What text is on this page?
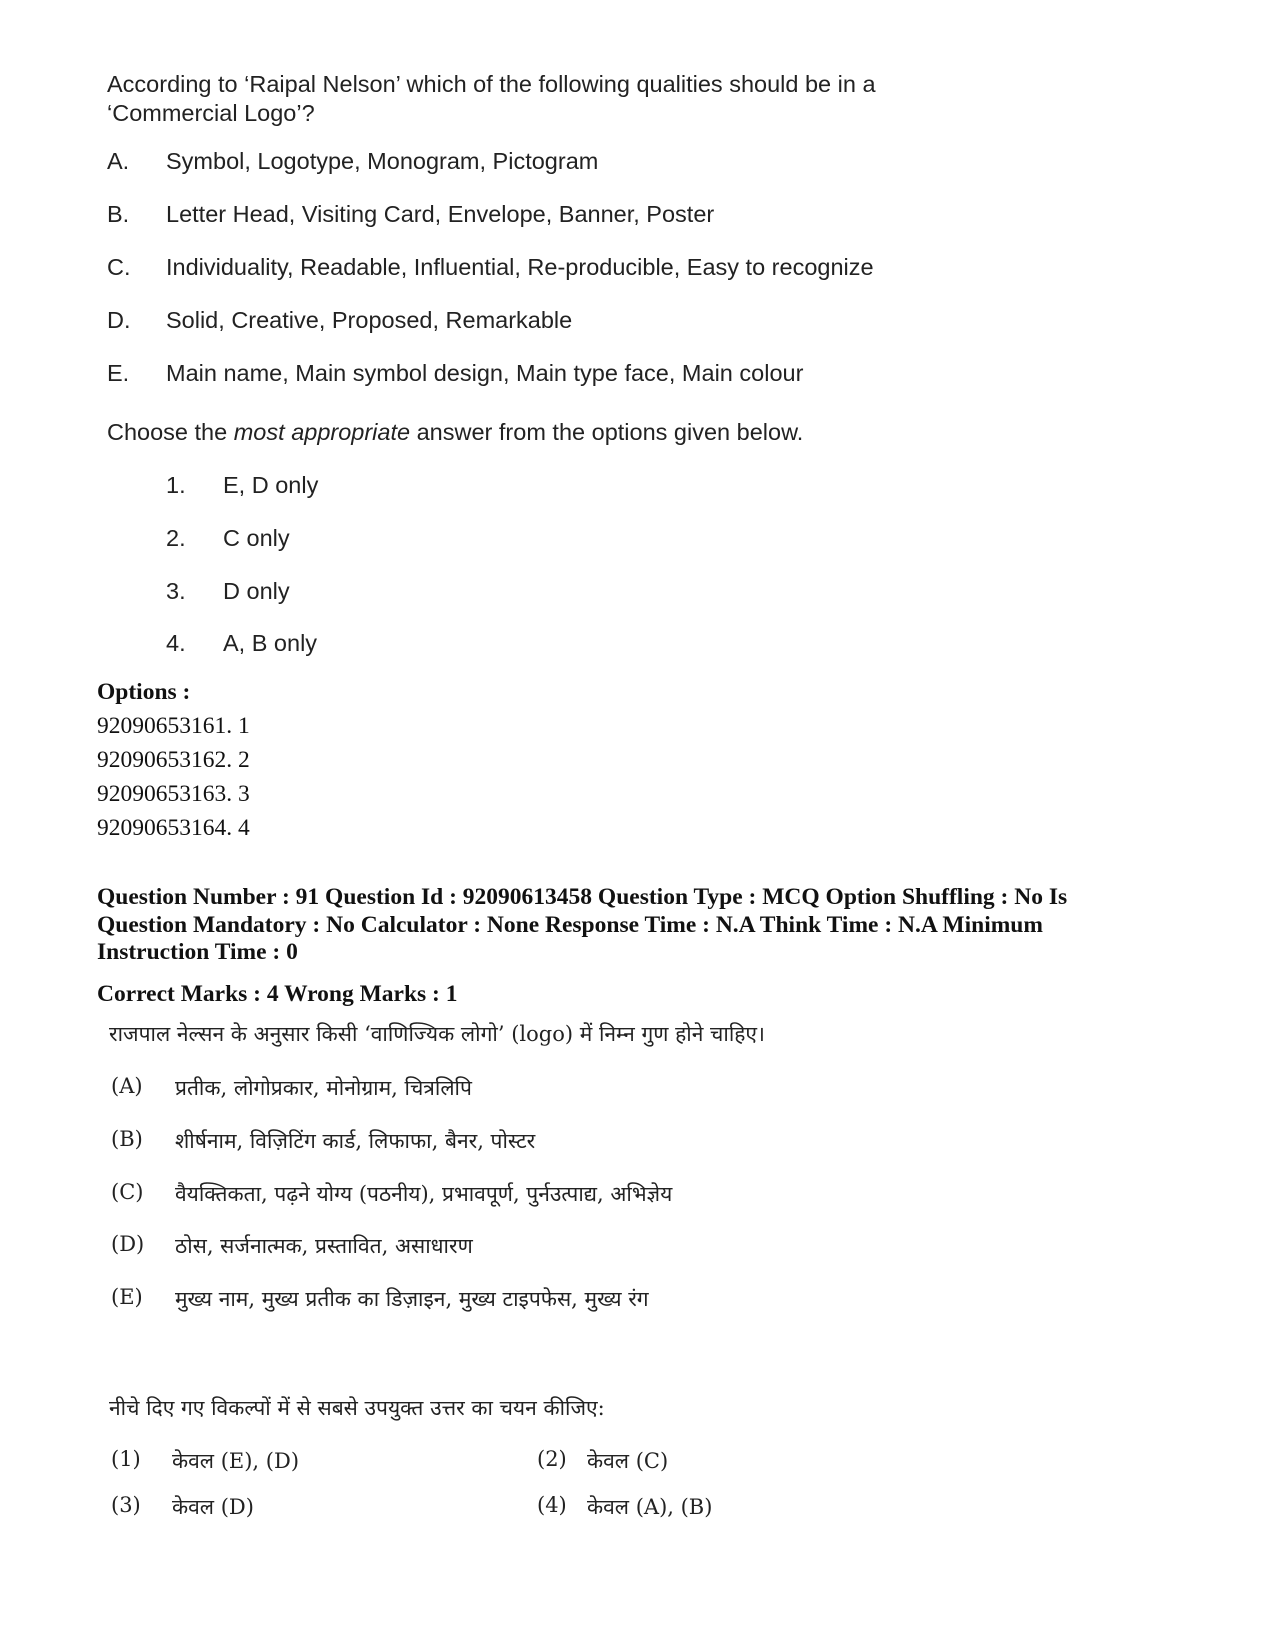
According to ‘Raipal Nelson’ which of the following qualities should be in a ‘Commercial Logo’?

A. Symbol, Logotype, Monogram, Pictogram
B. Letter Head, Visiting Card, Envelope, Banner, Poster
C. Individuality, Readable, Influential, Re-producible, Easy to recognize
D. Solid, Creative, Proposed, Remarkable
E. Main name, Main symbol design, Main type face, Main colour
Choose the most appropriate answer from the options given below.
1. E, D only
2. C only
3. D only
4. A, B only
Options :
92090653161. 1
92090653162. 2
92090653163. 3
92090653164. 4
Question Number : 91 Question Id : 92090613458 Question Type : MCQ Option Shuffling : No Is
Question Mandatory : No Calculator : None Response Time : N.A Think Time : N.A Minimum
Instruction Time : 0
Correct Marks : 4 Wrong Marks : 1
राजपाल नेल्सन के अनुसार किसी ‘वाणिज्यिक लोगो’ (logo) में निम्न गुण होने चाहिए।
(A) प्रतीक, लोगोप्रकार, मोनोग्राम, चित्रलिपि
(B) शीर्षनाम, विज़िटिंग कार्ड, लिफाफा, बैनर, पोस्टर
(C) वैयक्तिकता, पढ़ने योग्य (पठनीय), प्रभावपूर्ण, पुर्नउत्पाद्य, अभिज्ञेय
(D) ठोस, सर्जनात्मक, प्रस्तावित, असाधारण
(E) मुख्य नाम, मुख्य प्रतीक का डिज़ाइन, मुख्य टाइपफेस, मुख्य रंग
नीचे दिए गए विकल्पों में से सबसे उपयुक्त उत्तर का चयन कीजिए:
(1) केवल (E), (D)	(2) केवल (C)
(3) केवल (D)	(4) केवल (A), (B)
